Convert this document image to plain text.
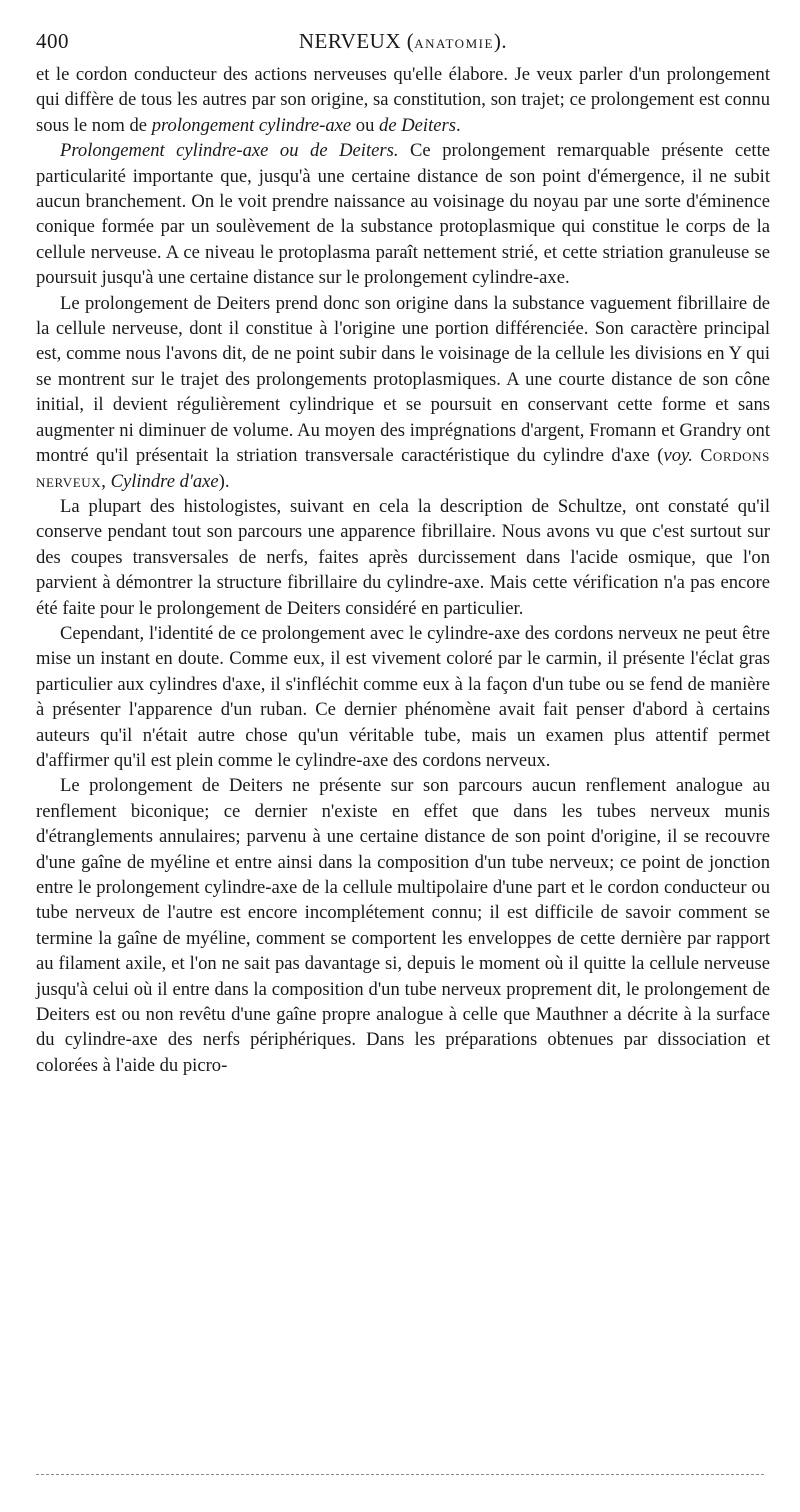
400	NERVEUX (ANATOMIE).

et le cordon conducteur des actions nerveuses qu'elle élabore. Je veux parler d'un prolongement qui diffère de tous les autres par son origine, sa constitution, son trajet; ce prolongement est connu sous le nom de prolongement cylindre-axe ou de Deiters.

Prolongement cylindre-axe ou de Deiters. Ce prolongement remarquable présente cette particularité importante que, jusqu'à une certaine distance de son point d'émergence, il ne subit aucun branchement. On le voit prendre naissance au voisinage du noyau par une sorte d'éminence conique formée par un soulèvement de la substance protoplasmique qui constitue le corps de la cellule nerveuse. A ce niveau le protoplasma paraît nettement strié, et cette striation granuleuse se poursuit jusqu'à une certaine distance sur le prolongement cylindre-axe.

Le prolongement de Deiters prend donc son origine dans la substance vaguement fibrillaire de la cellule nerveuse, dont il constitue à l'origine une portion différenciée. Son caractère principal est, comme nous l'avons dit, de ne point subir dans le voisinage de la cellule les divisions en Y qui se montrent sur le trajet des prolongements protoplasmiques. A une courte distance de son cône initial, il devient régulièrement cylindrique et se poursuit en conservant cette forme et sans augmenter ni diminuer de volume. Au moyen des imprégnations d'argent, Fromann et Grandry ont montré qu'il présentait la striation transversale caractéristique du cylindre d'axe (voy. Cordons nerveux, Cylindre d'axe).

La plupart des histologistes, suivant en cela la description de Schultze, ont constaté qu'il conserve pendant tout son parcours une apparence fibrillaire. Nous avons vu que c'est surtout sur des coupes transversales de nerfs, faites après durcissement dans l'acide osmique, que l'on parvient à démontrer la structure fibrillaire du cylindre-axe. Mais cette vérification n'a pas encore été faite pour le prolongement de Deiters considéré en particulier.

Cependant, l'identité de ce prolongement avec le cylindre-axe des cordons nerveux ne peut être mise un instant en doute. Comme eux, il est vivement coloré par le carmin, il présente l'éclat gras particulier aux cylindres d'axe, il s'infléchit comme eux à la façon d'un tube ou se fend de manière à présenter l'apparence d'un ruban. Ce dernier phénomène avait fait penser d'abord à certains auteurs qu'il n'était autre chose qu'un véritable tube, mais un examen plus attentif permet d'affirmer qu'il est plein comme le cylindre-axe des cordons nerveux.

Le prolongement de Deiters ne présente sur son parcours aucun renflement analogue au renflement biconique; ce dernier n'existe en effet que dans les tubes nerveux munis d'étranglements annulaires; parvenu à une certaine distance de son point d'origine, il se recouvre d'une gaîne de myéline et entre ainsi dans la composition d'un tube nerveux; ce point de jonction entre le prolongement cylindre-axe de la cellule multipolaire d'une part et le cordon conducteur ou tube nerveux de l'autre est encore incomplétement connu; il est difficile de savoir comment se termine la gaîne de myéline, comment se comportent les enveloppes de cette dernière par rapport au filament axile, et l'on ne sait pas davantage si, depuis le moment où il quitte la cellule nerveuse jusqu'à celui où il entre dans la composition d'un tube nerveux proprement dit, le prolongement de Deiters est ou non revêtu d'une gaîne propre analogue à celle que Mauthner a décrite à la surface du cylindre-axe des nerfs périphériques. Dans les préparations obtenues par dissociation et colorées à l'aide du picro-
